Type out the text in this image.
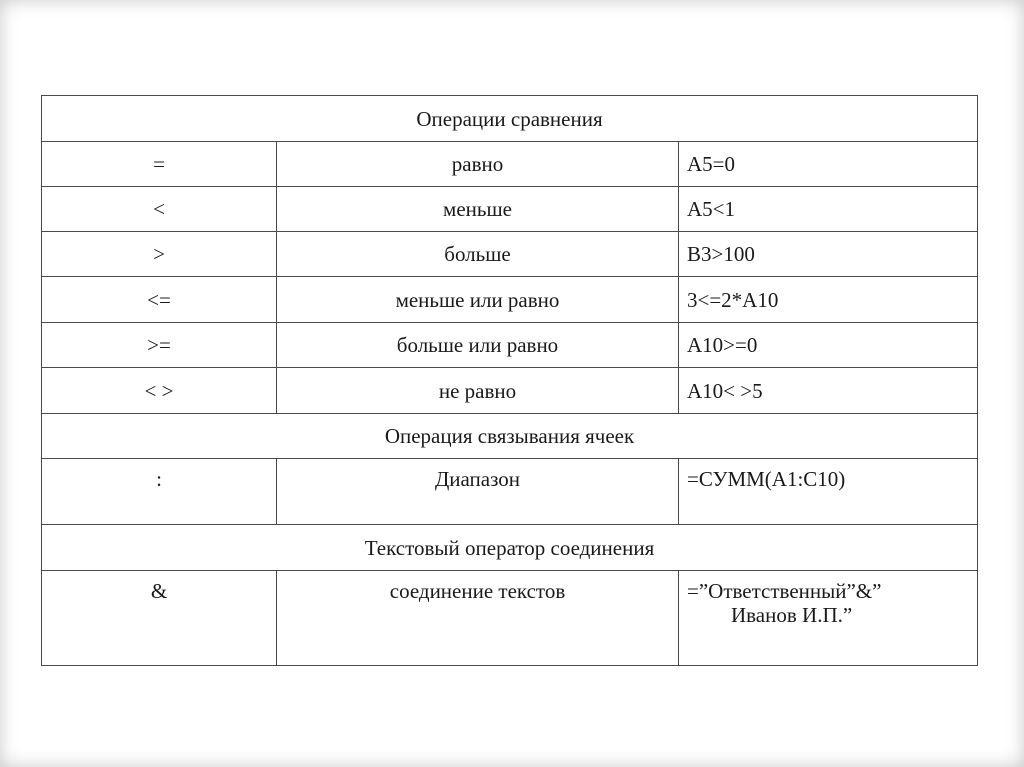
Операции сравнения		
=	равно	А5=0
<	меньше	А5<1
>	больше	В3>100
<=	меньше или равно	3<=2*А10
>=	больше или равно	А10>=0
< >	не равно	А10< >5
Операция связывания ячеек		
:	Диапазон	=СУММ(А1:С10)
Текстовый оператор соединения		
&	соединение текстов	=”Ответственный”&”
Иванов И.П.”
